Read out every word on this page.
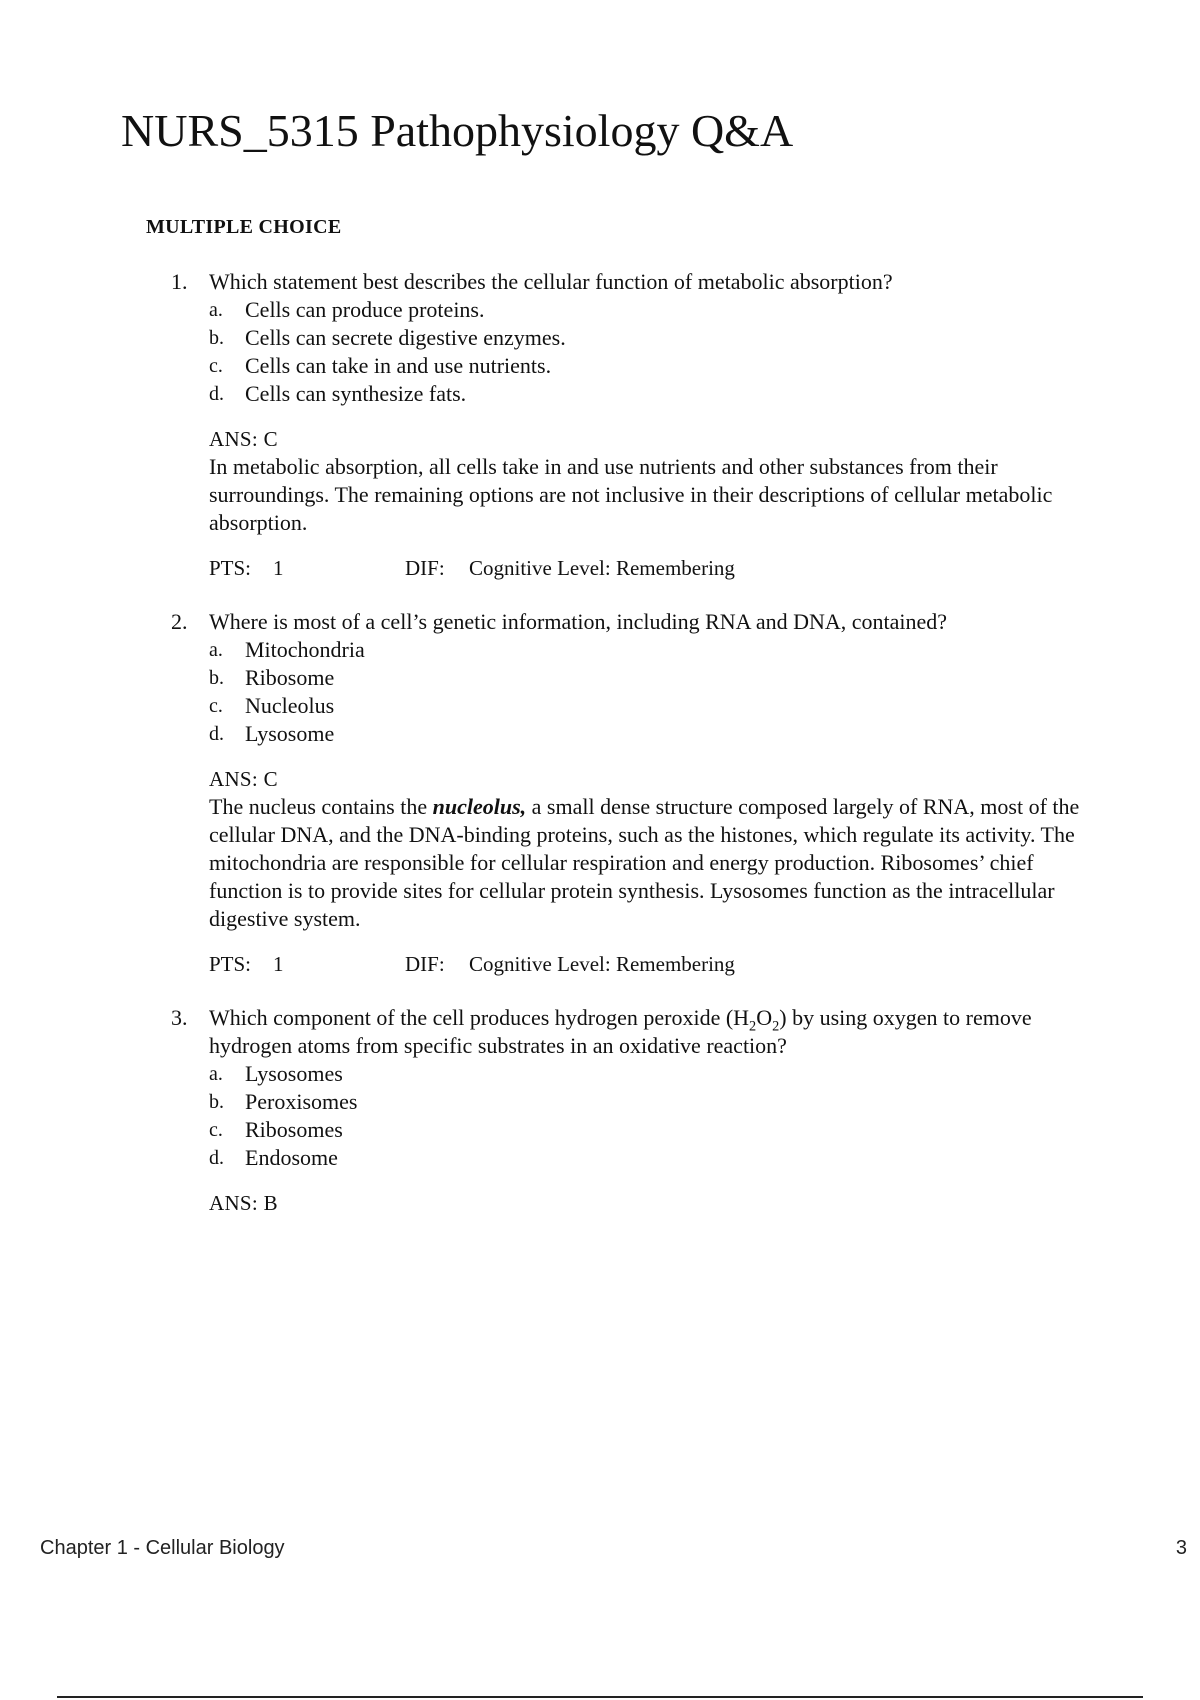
NURS_5315 Pathophysiology Q&A
MULTIPLE CHOICE
1. Which statement best describes the cellular function of metabolic absorption?
a. Cells can produce proteins.
b. Cells can secrete digestive enzymes.
c. Cells can take in and use nutrients.
d. Cells can synthesize fats.
ANS: C
In metabolic absorption, all cells take in and use nutrients and other substances from their surroundings. The remaining options are not inclusive in their descriptions of cellular metabolic absorption.
PTS: 1	DIF: Cognitive Level: Remembering
2. Where is most of a cell’s genetic information, including RNA and DNA, contained?
a. Mitochondria
b. Ribosome
c. Nucleolus
d. Lysosome
ANS: C
The nucleus contains the nucleolus, a small dense structure composed largely of RNA, most of the cellular DNA, and the DNA-binding proteins, such as the histones, which regulate its activity. The mitochondria are responsible for cellular respiration and energy production. Ribosomes’ chief function is to provide sites for cellular protein synthesis. Lysosomes function as the intracellular digestive system.
PTS: 1	DIF: Cognitive Level: Remembering
3. Which component of the cell produces hydrogen peroxide $(H_2O_2)$ by using oxygen to remove hydrogen atoms from specific substrates in an oxidative reaction?
a. Lysosomes
b. Peroxisomes
c. Ribosomes
d. Endosome
ANS: B
Chapter 1 - Cellular Biology	3
